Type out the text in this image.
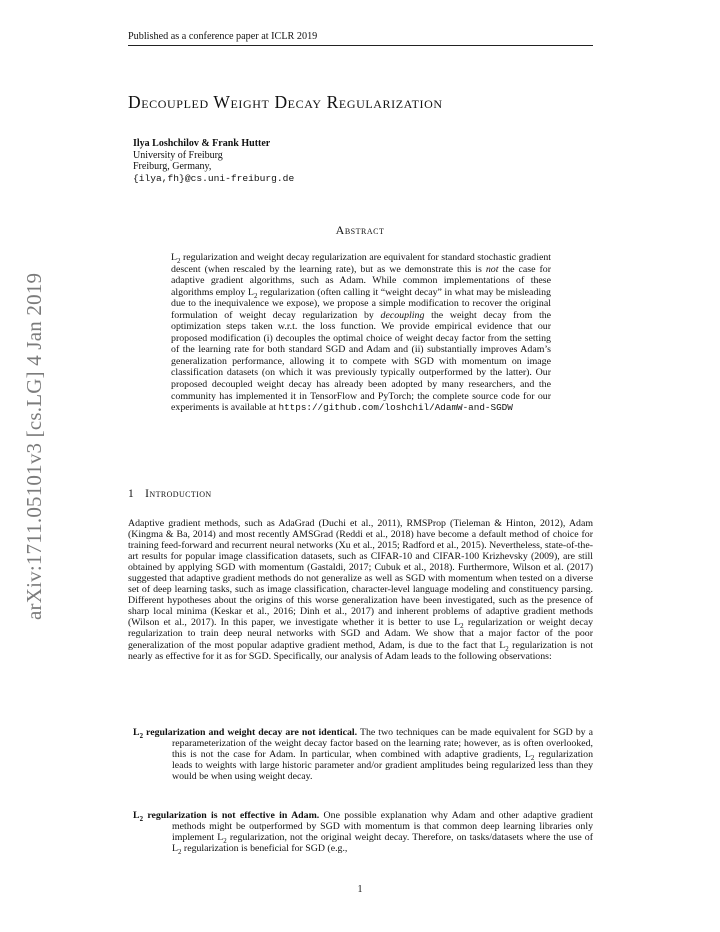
Published as a conference paper at ICLR 2019
arXiv:1711.05101v3 [cs.LG] 4 Jan 2019
Decoupled Weight Decay Regularization
Ilya Loshchilov & Frank Hutter
University of Freiburg
Freiburg, Germany,
{ilya,fh}@cs.uni-freiburg.de
Abstract
$L_2$ regularization and weight decay regularization are equivalent for standard stochastic gradient descent (when rescaled by the learning rate), but as we demonstrate this is not the case for adaptive gradient algorithms, such as Adam. While common implementations of these algorithms employ $L_2$ regularization (often calling it “weight decay” in what may be misleading due to the inequivalence we expose), we propose a simple modification to recover the original formulation of weight decay regularization by decoupling the weight decay from the optimization steps taken w.r.t. the loss function. We provide empirical evidence that our proposed modification (i) decouples the optimal choice of weight decay factor from the setting of the learning rate for both standard SGD and Adam and (ii) substantially improves Adam’s generalization performance, allowing it to compete with SGD with momentum on image classification datasets (on which it was previously typically outperformed by the latter). Our proposed decoupled weight decay has already been adopted by many researchers, and the community has implemented it in TensorFlow and PyTorch; the complete source code for our experiments is available at https://github.com/loshchil/AdamW-and-SGDW
1 Introduction
Adaptive gradient methods, such as AdaGrad (Duchi et al., 2011), RMSProp (Tieleman & Hinton, 2012), Adam (Kingma & Ba, 2014) and most recently AMSGrad (Reddi et al., 2018) have become a default method of choice for training feed-forward and recurrent neural networks (Xu et al., 2015; Radford et al., 2015). Nevertheless, state-of-the-art results for popular image classification datasets, such as CIFAR-10 and CIFAR-100 Krizhevsky (2009), are still obtained by applying SGD with momentum (Gastaldi, 2017; Cubuk et al., 2018). Furthermore, Wilson et al. (2017) suggested that adaptive gradient methods do not generalize as well as SGD with momentum when tested on a diverse set of deep learning tasks, such as image classification, character-level language modeling and constituency parsing. Different hypotheses about the origins of this worse generalization have been investigated, such as the presence of sharp local minima (Keskar et al., 2016; Dinh et al., 2017) and inherent problems of adaptive gradient methods (Wilson et al., 2017). In this paper, we investigate whether it is better to use $L_2$ regularization or weight decay regularization to train deep neural networks with SGD and Adam. We show that a major factor of the poor generalization of the most popular adaptive gradient method, Adam, is due to the fact that $L_2$ regularization is not nearly as effective for it as for SGD. Specifically, our analysis of Adam leads to the following observations:
$L_2$ regularization and weight decay are not identical. The two techniques can be made equivalent for SGD by a reparameterization of the weight decay factor based on the learning rate; however, as is often overlooked, this is not the case for Adam. In particular, when combined with adaptive gradients, $L_2$ regularization leads to weights with large historic parameter and/or gradient amplitudes being regularized less than they would be when using weight decay.
$L_2$ regularization is not effective in Adam. One possible explanation why Adam and other adaptive gradient methods might be outperformed by SGD with momentum is that common deep learning libraries only implement $L_2$ regularization, not the original weight decay. Therefore, on tasks/datasets where the use of $L_2$ regularization is beneficial for SGD (e.g.,
1
